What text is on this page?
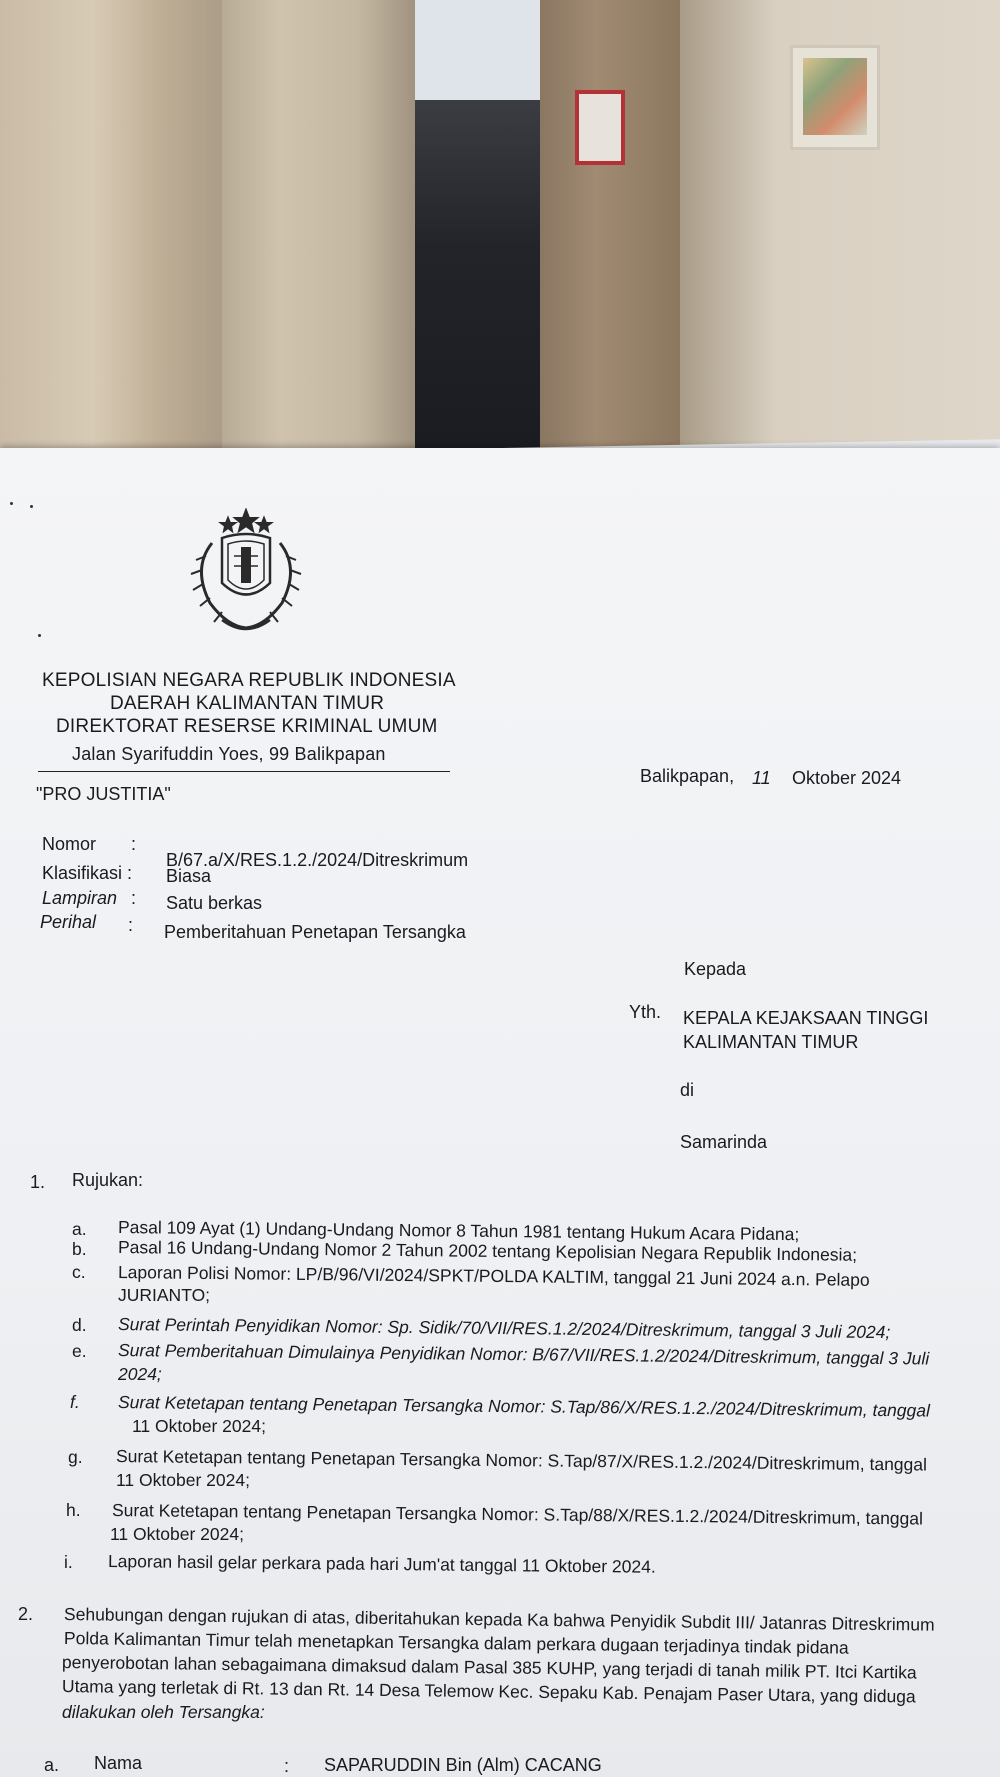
KEPOLISIAN NEGARA REPUBLIK INDONESIA
DAERAH KALIMANTAN TIMUR
DIREKTORAT RESERSE KRIMINAL UMUM
Jalan Syarifuddin Yoes, 99 Balikpapan
Balikpapan, 11 Oktober 2024
"PRO JUSTITIA"
Nomor :
B/67.a/X/RES.1.2./2024/Ditreskrimum
Klasifikasi : Biasa
Lampiran : Satu berkas
Perihal : Pemberitahuan Penetapan Tersangka
Kepada
Yth. KEPALA KEJAKSAAN TINGGI
KALIMANTAN TIMUR
di
Samarinda
1. Rujukan:
a. Pasal 109 Ayat (1) Undang-Undang Nomor 8 Tahun 1981 tentang Hukum Acara Pidana;
b. Pasal 16 Undang-Undang Nomor 2 Tahun 2002 tentang Kepolisian Negara Republik Indonesia;
c. Laporan Polisi Nomor: LP/B/96/VI/2024/SPKT/POLDA KALTIM, tanggal 21 Juni 2024 a.n. Pelapo
JURIANTO;
d. Surat Perintah Penyidikan Nomor: Sp. Sidik/70/VII/RES.1.2/2024/Ditreskrimum, tanggal 3 Juli 2024;
e. Surat Pemberitahuan Dimulainya Penyidikan Nomor: B/67/VII/RES.1.2/2024/Ditreskrimum, tanggal 3 Juli
2024;
f. Surat Ketetapan tentang Penetapan Tersangka Nomor: S.Tap/86/X/RES.1.2./2024/Ditreskrimum, tanggal
11 Oktober 2024;
g. Surat Ketetapan tentang Penetapan Tersangka Nomor: S.Tap/87/X/RES.1.2./2024/Ditreskrimum, tanggal
11 Oktober 2024;
h. Surat Ketetapan tentang Penetapan Tersangka Nomor: S.Tap/88/X/RES.1.2./2024/Ditreskrimum, tanggal
11 Oktober 2024;
i. Laporan hasil gelar perkara pada hari Jum'at tanggal 11 Oktober 2024.
2. Sehubungan dengan rujukan di atas, diberitahukan kepada Ka bahwa Penyidik Subdit III/ Jatanras Ditreskrimum
Polda Kalimantan Timur telah menetapkan Tersangka dalam perkara dugaan terjadinya tindak pidana
penyerobotan lahan sebagaimana dimaksud dalam Pasal 385 KUHP, yang terjadi di tanah milik PT. Itci Kartika
Utama yang terletak di Rt. 13 dan Rt. 14 Desa Telemow Kec. Sepaku Kab. Penajam Paser Utara, yang diduga
dilakukan oleh Tersangka:
a. Nama	: SAPARUDDIN Bin (Alm) CACANG
